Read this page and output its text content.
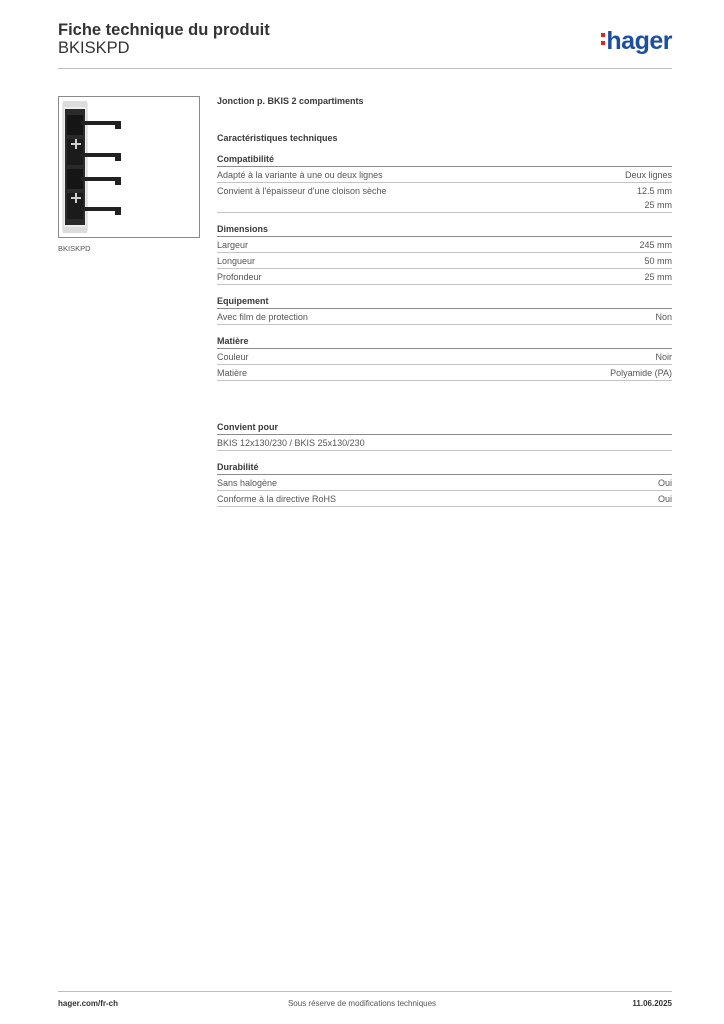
Fiche technique du produit
BKISKPD	hager
BKISKPD
Jonction p. BKIS 2 compartiments
Caractéristiques techniques
Compatibilité
Adapté à la variante à une ou deux lignes	Deux lignes
Convient à l'épaisseur d'une cloison sèche	12.5 mm
25 mm
Dimensions
Largeur	245 mm
Longueur	50 mm
Profondeur	25 mm
Equipement
Avec film de protection	Non
Matière
Couleur	Noir
Matière	Polyamide (PA)
Convient pour
BKIS 12x130/230 / BKIS 25x130/230
Durabilité
Sans halogène	Oui
Conforme à la directive RoHS	Oui
hager.com/fr-ch	Sous réserve de modifications techniques	11.06.2025
